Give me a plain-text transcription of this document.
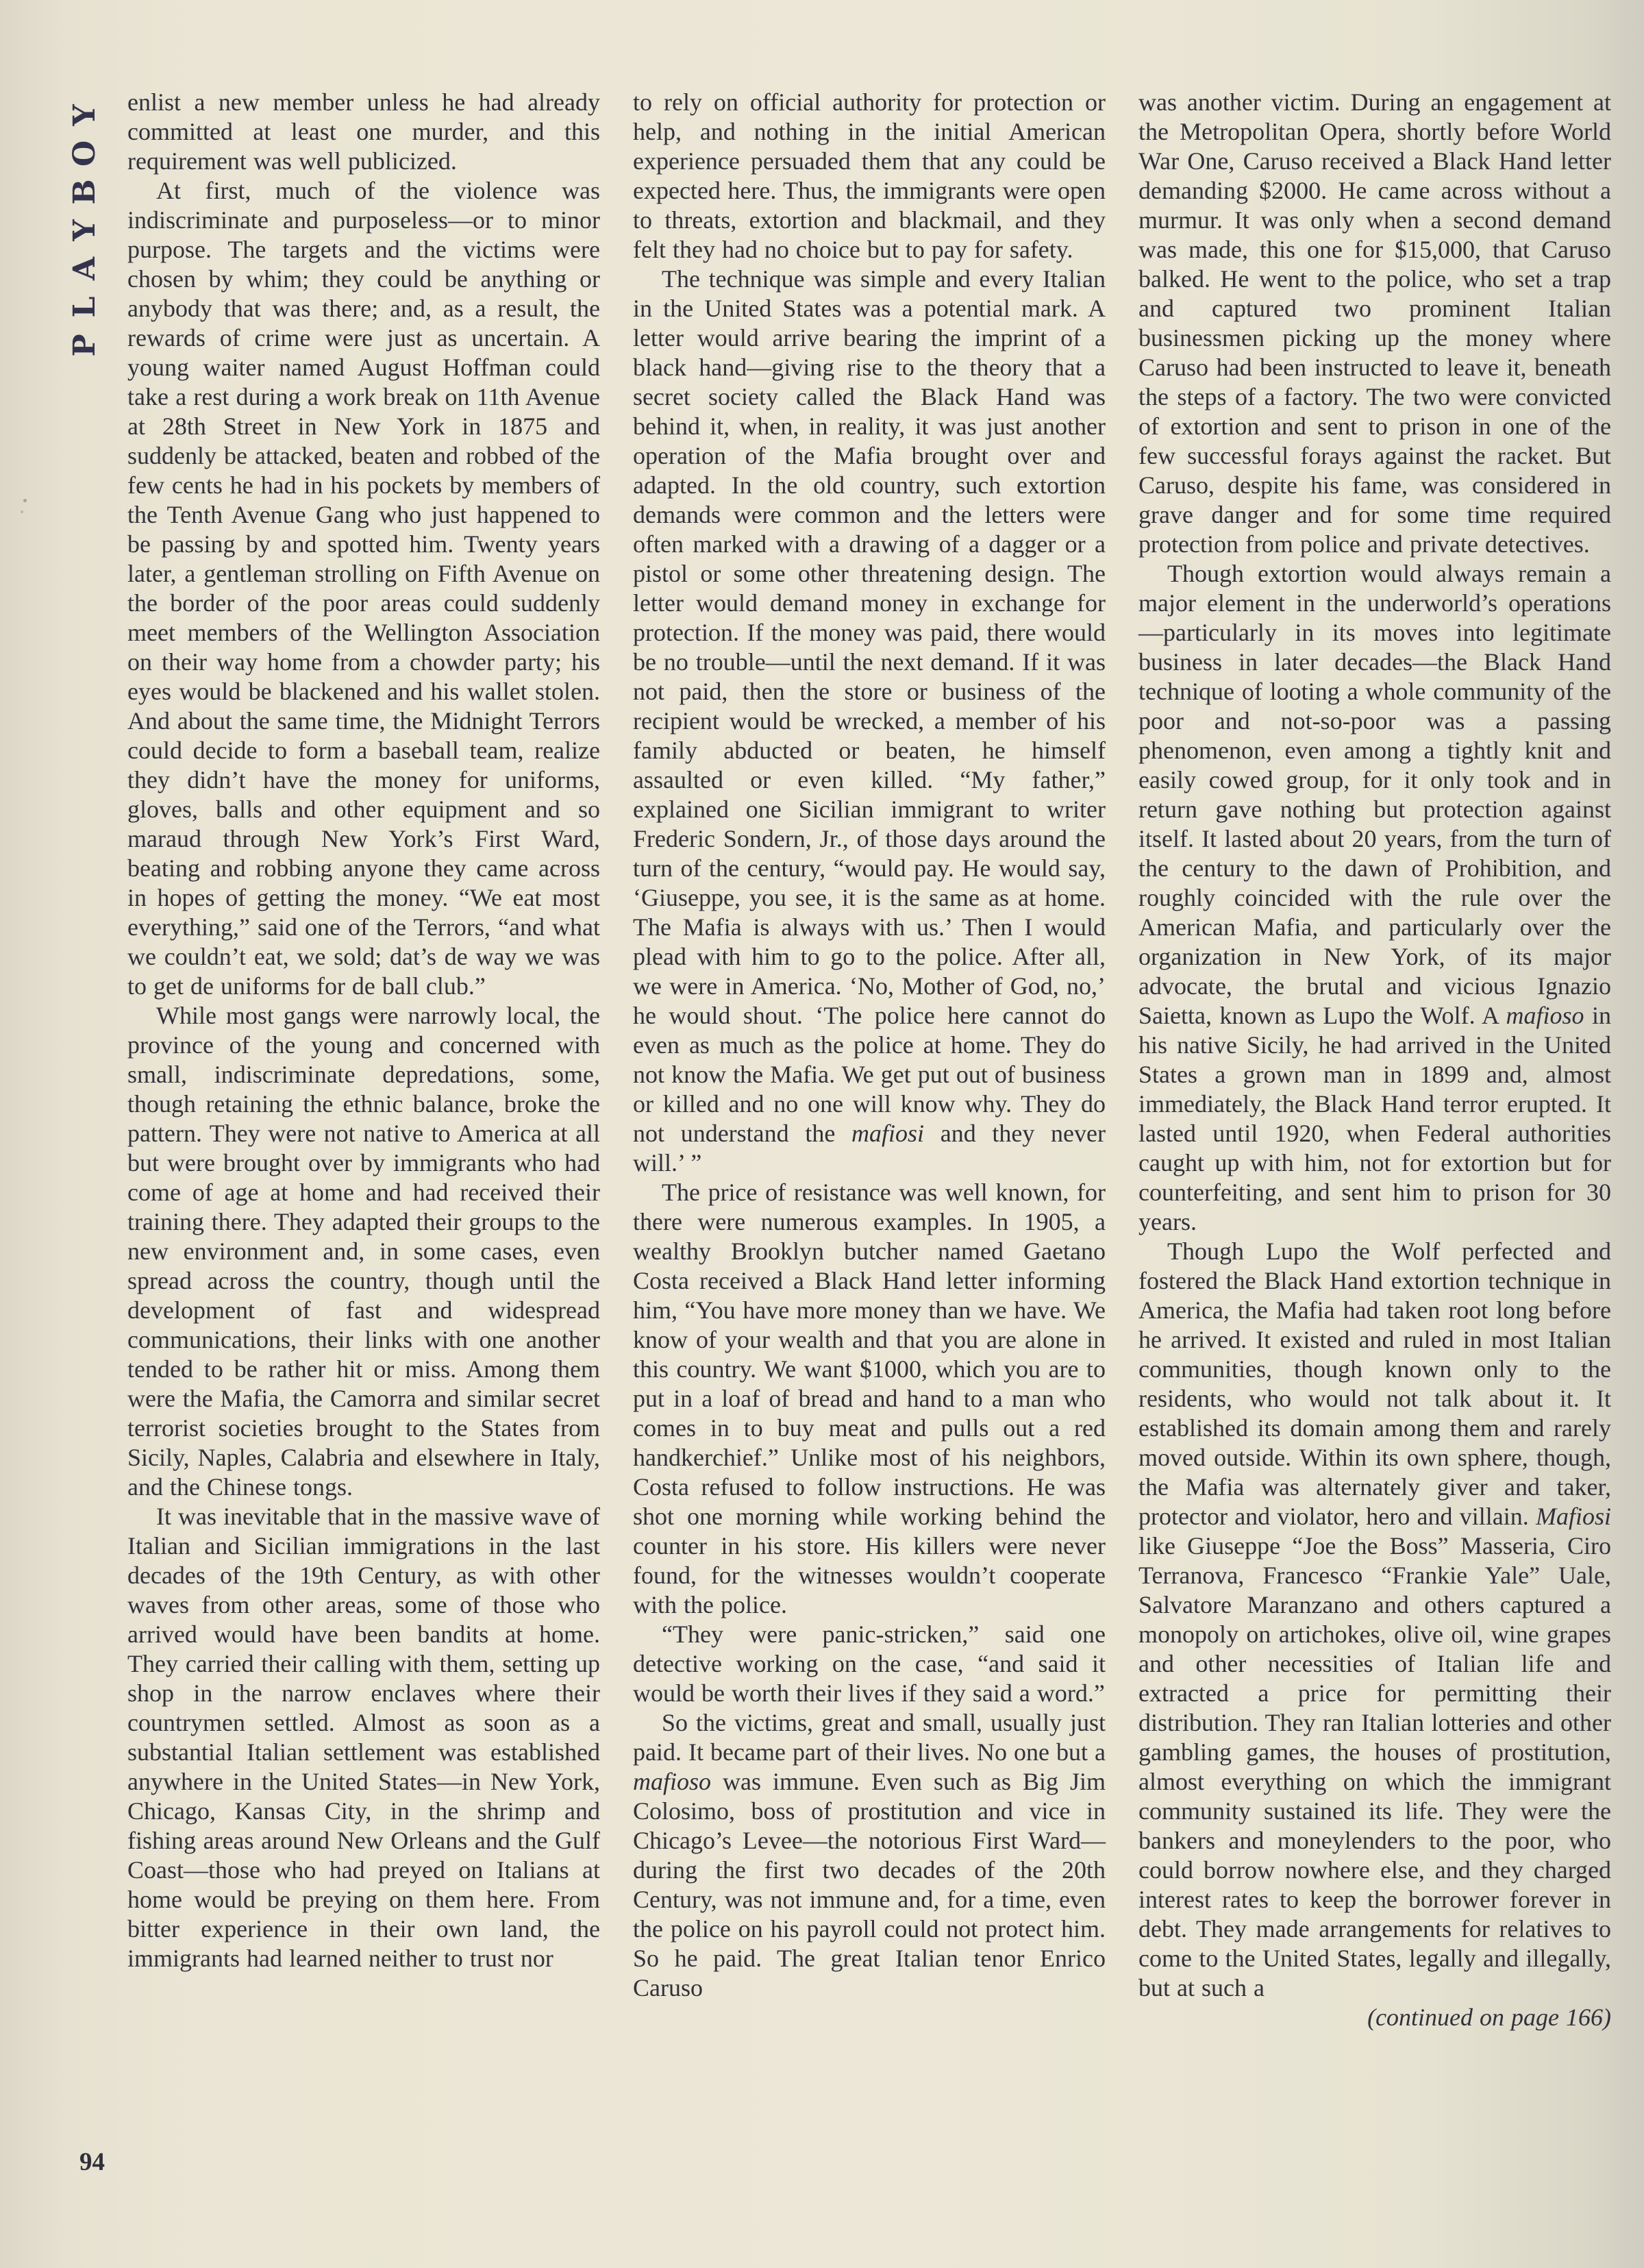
Y
O
B
Y
A
L
P
94

enlist a new member unless he had already committed at least one murder, and this requirement was well publicized.

At first, much of the violence was indiscriminate and purposeless—or to minor purpose. The targets and the victims were chosen by whim; they could be anything or anybody that was there; and, as a result, the rewards of crime were just as uncertain. A young waiter named August Hoffman could take a rest during a work break on 11th Avenue at 28th Street in New York in 1875 and suddenly be attacked, beaten and robbed of the few cents he had in his pockets by members of the Tenth Avenue Gang who just happened to be passing by and spotted him. Twenty years later, a gentleman strolling on Fifth Avenue on the border of the poor areas could suddenly meet members of the Wellington Association on their way home from a chowder party; his eyes would be blackened and his wallet stolen. And about the same time, the Midnight Terrors could decide to form a baseball team, realize they didn’t have the money for uniforms, gloves, balls and other equipment and so maraud through New York’s First Ward, beating and robbing anyone they came across in hopes of getting the money. “We eat most everything,” said one of the Terrors, “and what we couldn’t eat, we sold; dat’s de way we was to get de uniforms for de ball club.”

While most gangs were narrowly local, the province of the young and concerned with small, indiscriminate depredations, some, though retaining the ethnic balance, broke the pattern. They were not native to America at all but were brought over by immigrants who had come of age at home and had received their training there. They adapted their groups to the new environment and, in some cases, even spread across the country, though until the development of fast and widespread communications, their links with one another tended to be rather hit or miss. Among them were the Mafia, the Camorra and similar secret terrorist societies brought to the States from Sicily, Naples, Calabria and elsewhere in Italy, and the Chinese tongs.

It was inevitable that in the massive wave of Italian and Sicilian immigrations in the last decades of the 19th Century, as with other waves from other areas, some of those who arrived would have been bandits at home. They carried their calling with them, setting up shop in the narrow enclaves where their countrymen settled. Almost as soon as a substantial Italian settlement was established anywhere in the United States—in New York, Chicago, Kansas City, in the shrimp and fishing areas around New Orleans and the Gulf Coast—those who had preyed on Italians at home would be preying on them here. From bitter experience in their own land, the immigrants had learned neither to trust nor

to rely on official authority for protection or help, and nothing in the initial American experience persuaded them that any could be expected here. Thus, the immigrants were open to threats, extortion and blackmail, and they felt they had no choice but to pay for safety.

The technique was simple and every Italian in the United States was a potential mark. A letter would arrive bearing the imprint of a black hand—giving rise to the theory that a secret society called the Black Hand was behind it, when, in reality, it was just another operation of the Mafia brought over and adapted. In the old country, such extortion demands were common and the letters were often marked with a drawing of a dagger or a pistol or some other threatening design. The letter would demand money in exchange for protection. If the money was paid, there would be no trouble—until the next demand. If it was not paid, then the store or business of the recipient would be wrecked, a member of his family abducted or beaten, he himself assaulted or even killed. “My father,” explained one Sicilian immigrant to writer Frederic Sondern, Jr., of those days around the turn of the century, “would pay. He would say, ‘Giuseppe, you see, it is the same as at home. The Mafia is always with us.’ Then I would plead with him to go to the police. After all, we were in America. ‘No, Mother of God, no,’ he would shout. ‘The police here cannot do even as much as the police at home. They do not know the Mafia. We get put out of business or killed and no one will know why. They do not understand the mafiosi and they never will.’ ”

The price of resistance was well known, for there were numerous examples. In 1905, a wealthy Brooklyn butcher named Gaetano Costa received a Black Hand letter informing him, “You have more money than we have. We know of your wealth and that you are alone in this country. We want $1000, which you are to put in a loaf of bread and hand to a man who comes in to buy meat and pulls out a red handkerchief.” Unlike most of his neighbors, Costa refused to follow instructions. He was shot one morning while working behind the counter in his store. His killers were never found, for the witnesses wouldn’t cooperate with the police.

“They were panic-stricken,” said one detective working on the case, “and said it would be worth their lives if they said a word.”

So the victims, great and small, usually just paid. It became part of their lives. No one but a mafioso was immune. Even such as Big Jim Colosimo, boss of prostitution and vice in Chicago’s Levee—the notorious First Ward—during the first two decades of the 20th Century, was not immune and, for a time, even the police on his payroll could not protect him. So he paid. The great Italian tenor Enrico Caruso

was another victim. During an engagement at the Metropolitan Opera, shortly before World War One, Caruso received a Black Hand letter demanding $2000. He came across without a murmur. It was only when a second demand was made, this one for $15,000, that Caruso balked. He went to the police, who set a trap and captured two prominent Italian businessmen picking up the money where Caruso had been instructed to leave it, beneath the steps of a factory. The two were convicted of extortion and sent to prison in one of the few successful forays against the racket. But Caruso, despite his fame, was considered in grave danger and for some time required protection from police and private detectives.

Though extortion would always remain a major element in the underworld’s operations—particularly in its moves into legitimate business in later decades—the Black Hand technique of looting a whole community of the poor and not-so-poor was a passing phenomenon, even among a tightly knit and easily cowed group, for it only took and in return gave nothing but protection against itself. It lasted about 20 years, from the turn of the century to the dawn of Prohibition, and roughly coincided with the rule over the American Mafia, and particularly over the organization in New York, of its major advocate, the brutal and vicious Ignazio Saietta, known as Lupo the Wolf. A mafioso in his native Sicily, he had arrived in the United States a grown man in 1899 and, almost immediately, the Black Hand terror erupted. It lasted until 1920, when Federal authorities caught up with him, not for extortion but for counterfeiting, and sent him to prison for 30 years.

Though Lupo the Wolf perfected and fostered the Black Hand extortion technique in America, the Mafia had taken root long before he arrived. It existed and ruled in most Italian communities, though known only to the residents, who would not talk about it. It established its domain among them and rarely moved outside. Within its own sphere, though, the Mafia was alternately giver and taker, protector and violator, hero and villain. Mafiosi like Giuseppe “Joe the Boss” Masseria, Ciro Terranova, Francesco “Frankie Yale” Uale, Salvatore Maranzano and others captured a monopoly on artichokes, olive oil, wine grapes and other necessities of Italian life and extracted a price for permitting their distribution. They ran Italian lotteries and other gambling games, the houses of prostitution, almost everything on which the immigrant community sustained its life. They were the bankers and moneylenders to the poor, who could borrow nowhere else, and they charged interest rates to keep the borrower forever in debt. They made arrangements for relatives to come to the United States, legally and illegally, but at such a

(continued on page 166)
